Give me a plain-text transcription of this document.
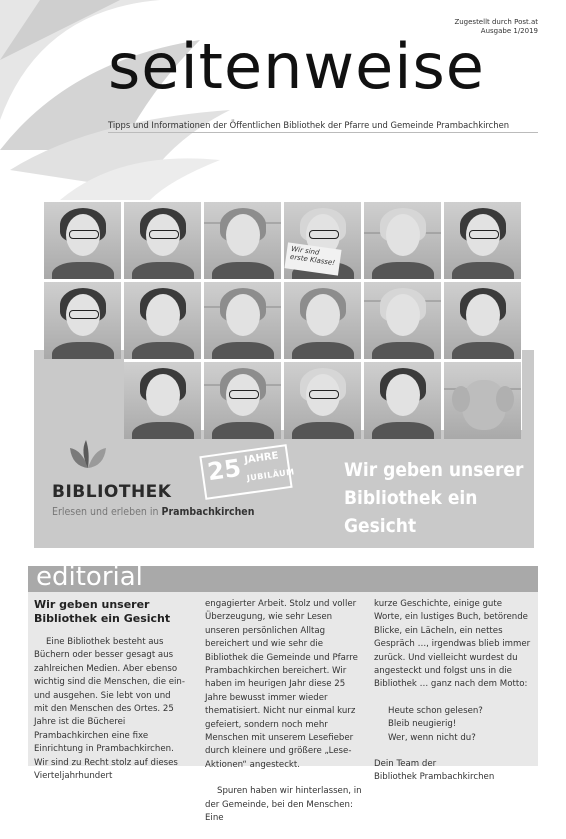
Zugestellt durch Post.at
Ausgabe 1/2019
seitenweise
Tipps und Informationen der Öffentlichen Bibliothek der Pfarre und Gemeinde Prambachkirchen
BIBLIOTHEK
Erlesen und erleben in Prambachkirchen
25 JAHRE
JUBILÄUM	Wir geben unserer
Bibliothek ein Gesicht
Wir sind erste Klasse!
editorial
Wir geben unserer
Bibliothek ein Gesicht

Eine Bibliothek besteht aus Büchern oder besser gesagt aus zahlreichen Medien. Aber ebenso wichtig sind die Menschen, die ein- und ausgehen. Sie lebt von und mit den Menschen des Ortes. 25 Jahre ist die Bücherei Prambachkirchen eine fixe Einrichtung in Prambachkirchen. Wir sind zu Recht stolz auf dieses Vierteljahrhundert

engagierter Arbeit. Stolz und voller Überzeugung, wie sehr Lesen unseren persönlichen Alltag bereichert und wie sehr die Bibliothek die Gemeinde und Pfarre Prambachkirchen bereichert. Wir haben im heurigen Jahr diese 25 Jahre bewusst immer wieder thematisiert. Nicht nur einmal kurz gefeiert, sondern noch mehr Menschen mit unserem Lesefieber durch kleinere und größere „Lese-Aktionen“ angesteckt.

Spuren haben wir hinterlassen, in der Gemeinde, bei den Menschen: Eine

kurze Geschichte, einige gute Worte, ein lustiges Buch, betörende Blicke, ein Lächeln, ein nettes Gespräch …, irgendwas blieb immer zurück. Und vielleicht wurdest du angesteckt und folgst uns in die Bibliothek … ganz nach dem Motto:

Heute schon gelesen?
Bleib neugierig!
Wer, wenn nicht du?

Dein Team der
Bibliothek Prambachkirchen
